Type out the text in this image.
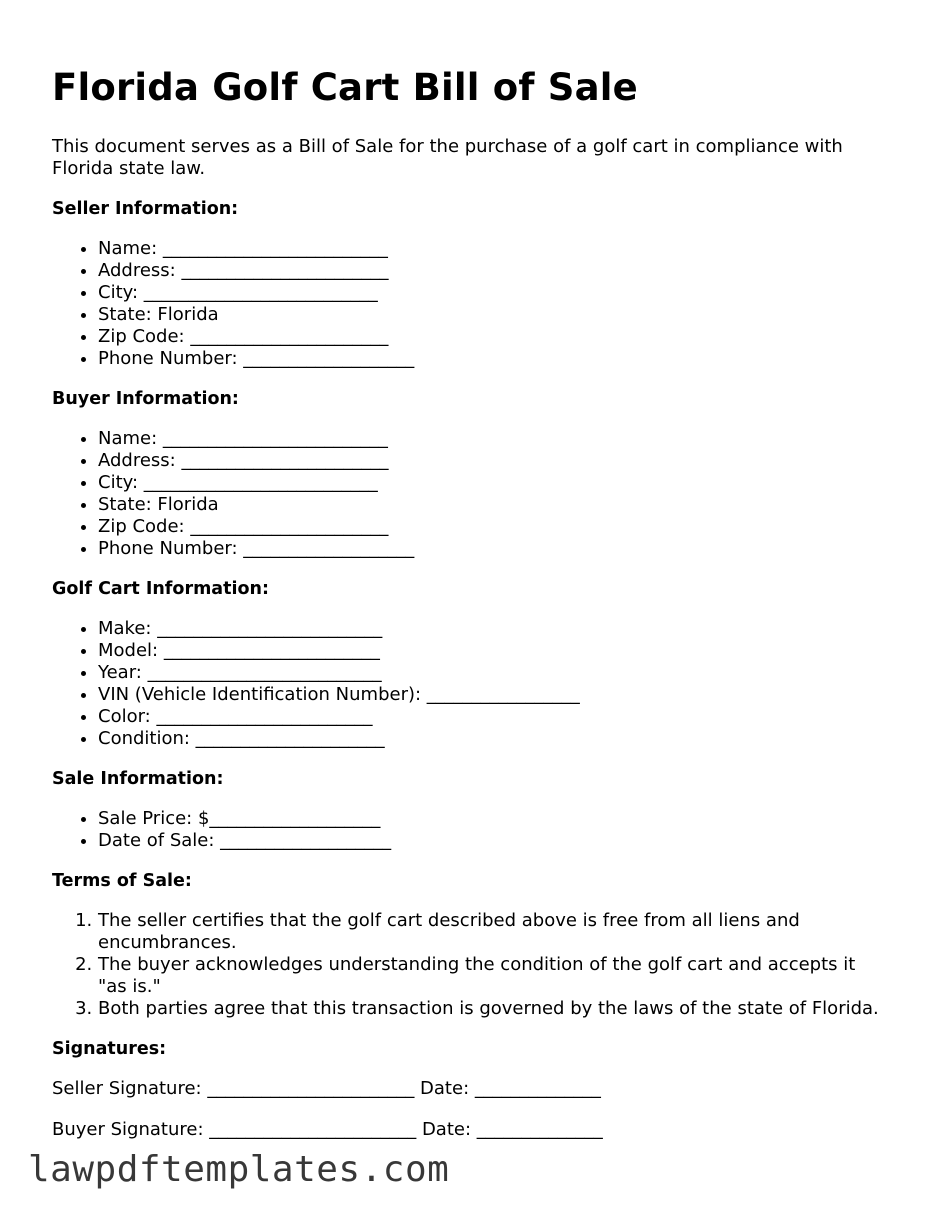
Florida Golf Cart Bill of Sale

This document serves as a Bill of Sale for the purchase of a golf cart in compliance with Florida state law.

Seller Information:
• Name: _________________________
• Address: _______________________
• City: __________________________
• State: Florida
• Zip Code: ______________________
• Phone Number: ___________________
Buyer Information:
• Name: _________________________
• Address: _______________________
• City: __________________________
• State: Florida
• Zip Code: ______________________
• Phone Number: ___________________
Golf Cart Information:
• Make: _________________________
• Model: ________________________
• Year: __________________________
• VIN (Vehicle Identification Number): _________________
• Color: ________________________
• Condition: _____________________
Sale Information:
• Sale Price: $___________________
• Date of Sale: ___________________
Terms of Sale:
1. The seller certifies that the golf cart described above is free from all liens and encumbrances.
2. The buyer acknowledges understanding the condition of the golf cart and accepts it "as is."
3. Both parties agree that this transaction is governed by the laws of the state of Florida.
Signatures:
Seller Signature: _______________________ Date: ______________
Buyer Signature: _______________________ Date: ______________
lawpdftemplates.com
